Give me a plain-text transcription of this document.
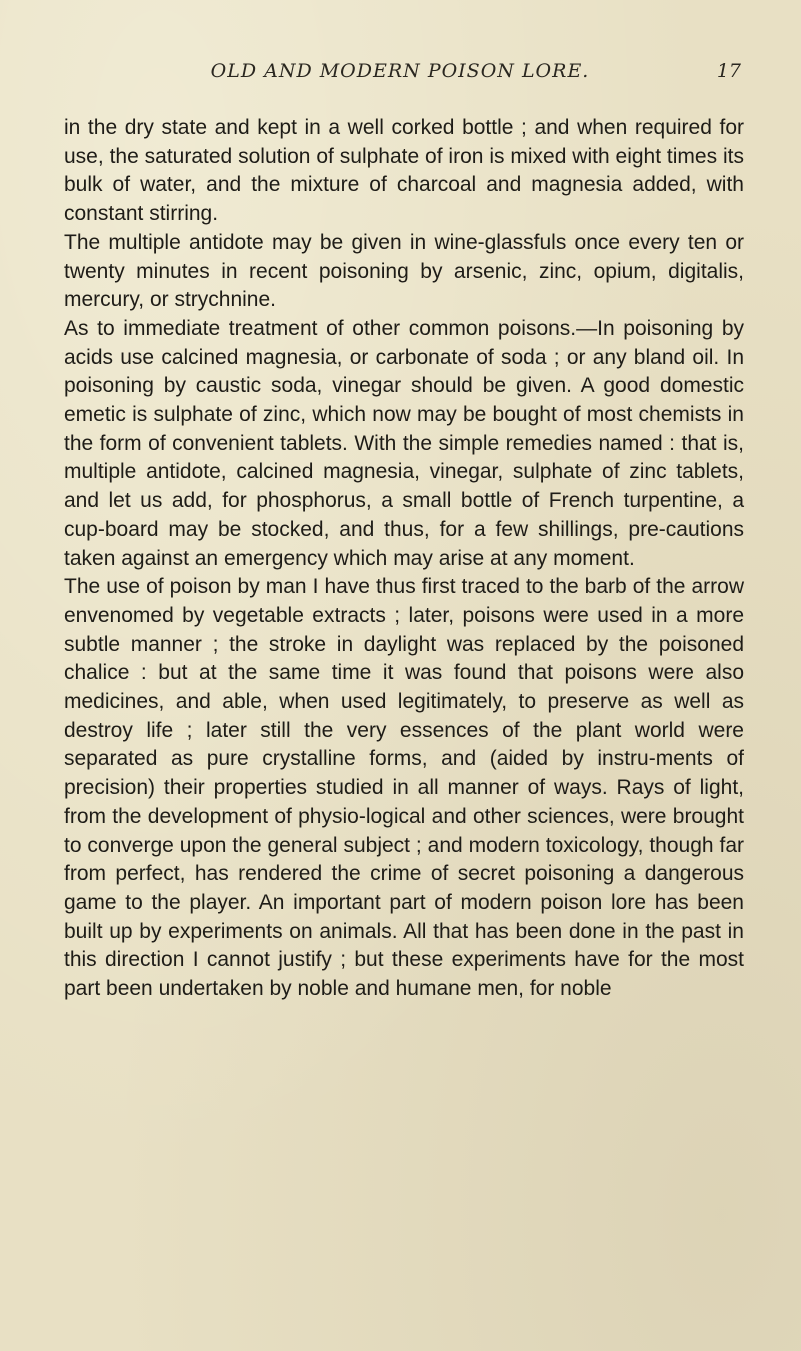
OLD AND MODERN POISON LORE.	17

in the dry state and kept in a well corked bottle ; and when required for use, the saturated solution of sulphate of iron is mixed with eight times its bulk of water, and the mixture of charcoal and magnesia added, with constant stirring.

The multiple antidote may be given in wine-glassfuls once every ten or twenty minutes in recent poisoning by arsenic, zinc, opium, digitalis, mercury, or strychnine.

As to immediate treatment of other common poisons.—In poisoning by acids use calcined magnesia, or carbonate of soda ; or any bland oil. In poisoning by caustic soda, vinegar should be given. A good domestic emetic is sulphate of zinc, which now may be bought of most chemists in the form of convenient tablets. With the simple remedies named : that is, multiple antidote, calcined magnesia, vinegar, sulphate of zinc tablets, and let us add, for phosphorus, a small bottle of French turpentine, a cup-board may be stocked, and thus, for a few shillings, pre-cautions taken against an emergency which may arise at any moment.

The use of poison by man I have thus first traced to the barb of the arrow envenomed by vegetable extracts ; later, poisons were used in a more subtle manner ; the stroke in daylight was replaced by the poisoned chalice : but at the same time it was found that poisons were also medicines, and able, when used legitimately, to preserve as well as destroy life ; later still the very essences of the plant world were separated as pure crystalline forms, and (aided by instru-ments of precision) their properties studied in all manner of ways. Rays of light, from the development of physio-logical and other sciences, were brought to converge upon the general subject ; and modern toxicology, though far from perfect, has rendered the crime of secret poisoning a dangerous game to the player. An important part of modern poison lore has been built up by experiments on animals. All that has been done in the past in this direction I cannot justify ; but these experiments have for the most part been undertaken by noble and humane men, for noble
